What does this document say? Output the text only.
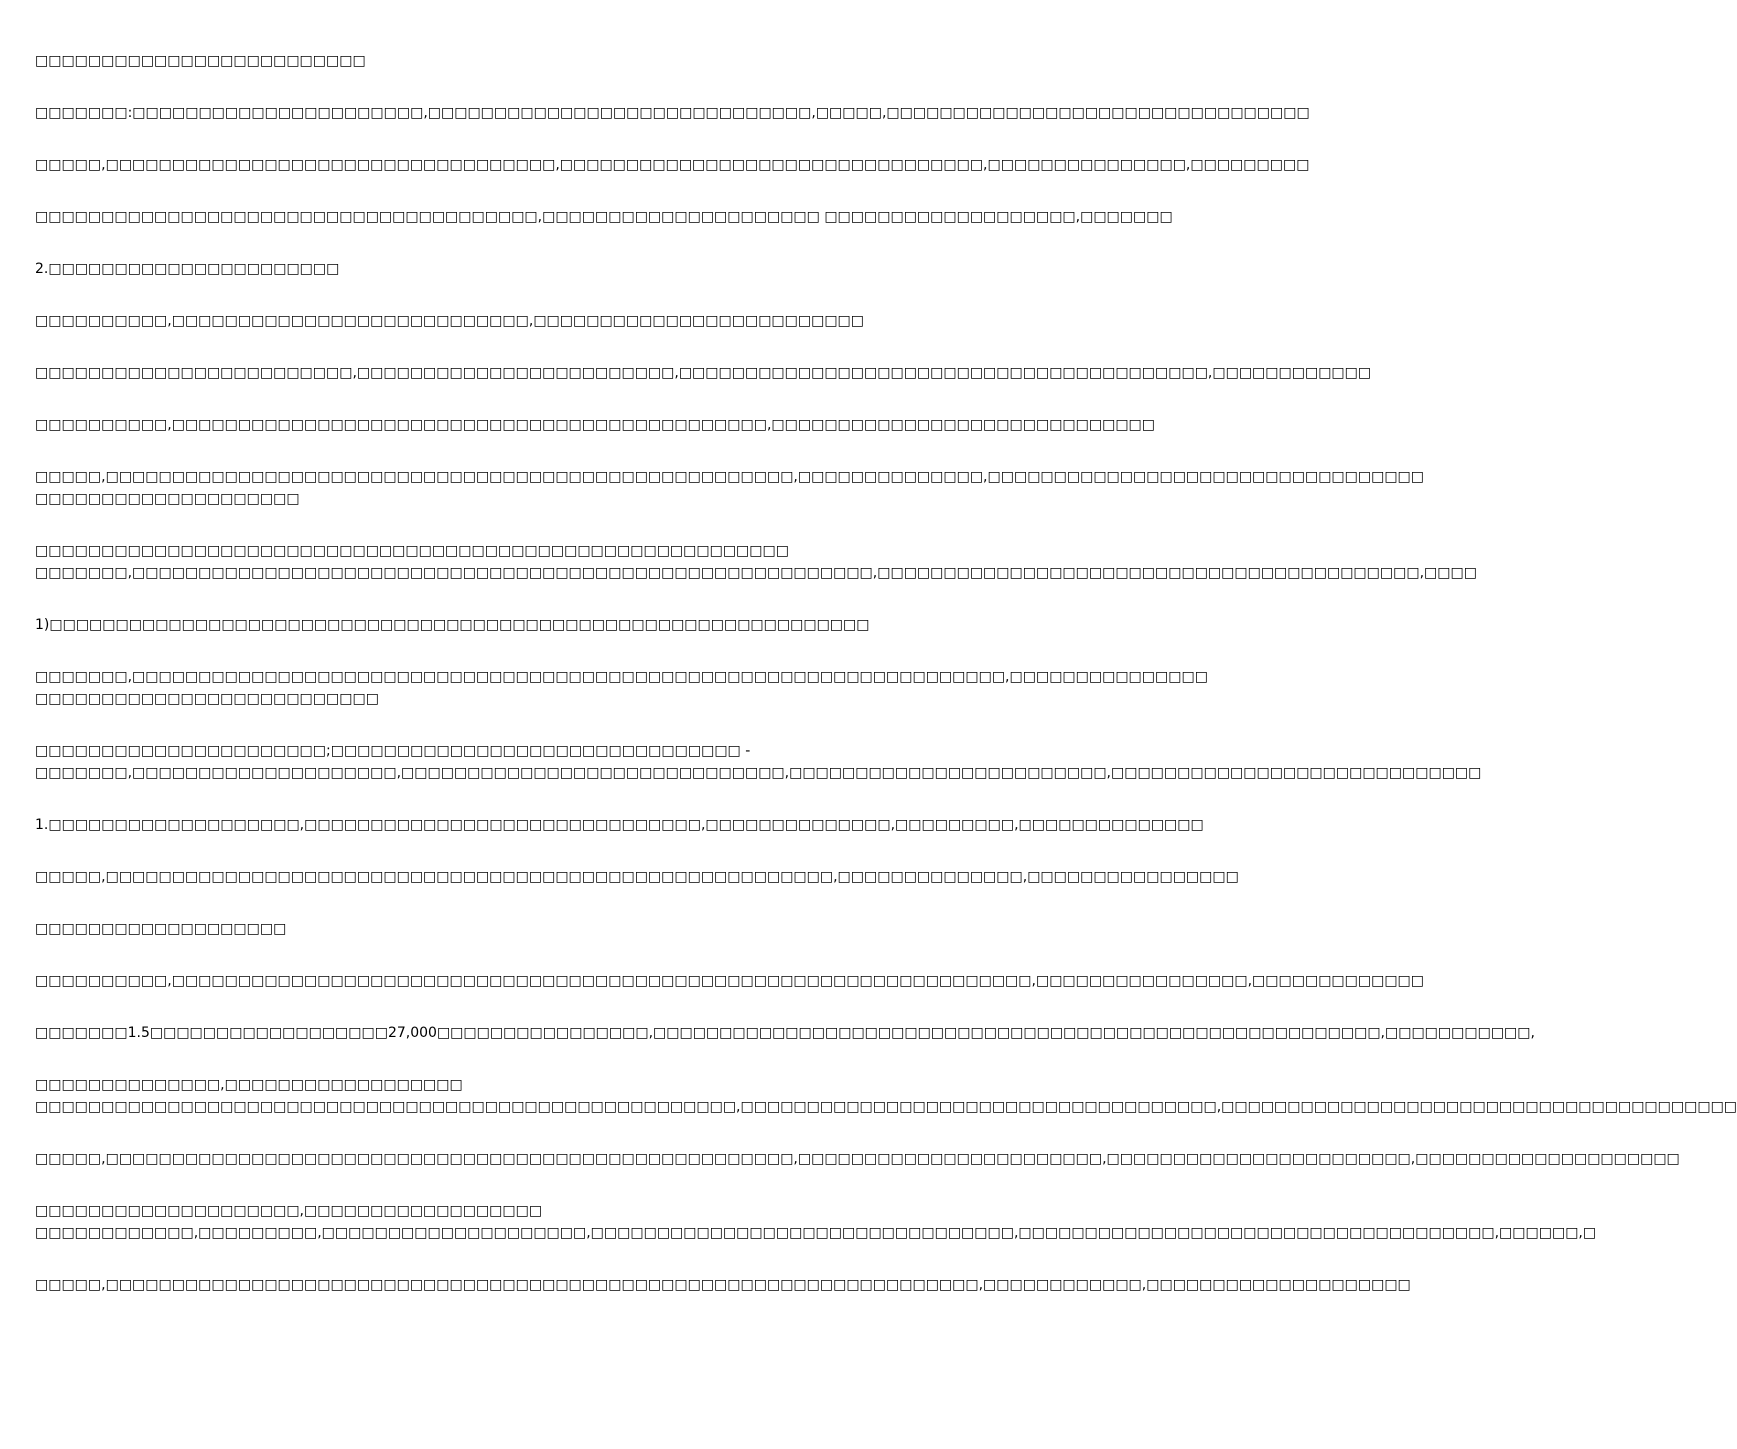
□□□□□□□□□□□□□□□□□□□□□□□□□

□□□□□□□:□□□□□□□□□□□□□□□□□□□□□□,□□□□□□□□□□□□□□□□□□□□□□□□□□□□□,□□□□□,□□□□□□□□□□□□□□□□□□□□□□□□□□□□□□□□

□□□□□,□□□□□□□□□□□□□□□□□□□□□□□□□□□□□□□□□□,□□□□□□□□□□□□□□□□□□□□□□□□□□□□□□□□,□□□□□□□□□□□□□□□,□□□□□□□□□

□□□□□□□□□□□□□□□□□□□□□□□□□□□□□□□□□□□□□□,□□□□□□□□□□□□□□□□□□□□□ □□□□□□□□□□□□□□□□□□□,□□□□□□□

2.□□□□□□□□□□□□□□□□□□□□□□

□□□□□□□□□□,□□□□□□□□□□□□□□□□□□□□□□□□□□□,□□□□□□□□□□□□□□□□□□□□□□□□□

□□□□□□□□□□□□□□□□□□□□□□□□,□□□□□□□□□□□□□□□□□□□□□□□□,□□□□□□□□□□□□□□□□□□□□□□□□□□□□□□□□□□□□□□□□,□□□□□□□□□□□□

□□□□□□□□□□,□□□□□□□□□□□□□□□□□□□□□□□□□□□□□□□□□□□□□□□□□□□□□,□□□□□□□□□□□□□□□□□□□□□□□□□□□□□

□□□□□,□□□□□□□□□□□□□□□□□□□□□□□□□□□□□□□□□□□□□□□□□□□□□□□□□□□□,□□□□□□□□□□□□□□,□□□□□□□□□□□□□□□□□□□□□□□□□□□□□□□□□
□□□□□□□□□□□□□□□□□□□□

□□□□□□□□□□□□□□□□□□□□□□□□□□□□□□□□□□□□□□□□□□□□□□□□□□□□□□□□□
□□□□□□□,□□□□□□□□□□□□□□□□□□□□□□□□□□□□□□□□□□□□□□□□□□□□□□□□□□□□□□□□,□□□□□□□□□□□□□□□□□□□□□□□□□□□□□□□□□□□□□□□□□,□□□□

1)□□□□□□□□□□□□□□□□□□□□□□□□□□□□□□□□□□□□□□□□□□□□□□□□□□□□□□□□□□□□□□

□□□□□□□,□□□□□□□□□□□□□□□□□□□□□□□□□□□□□□□□□□□□□□□□□□□□□□□□□□□□□□□□□□□□□□□□□□,□□□□□□□□□□□□□□□
□□□□□□□□□□□□□□□□□□□□□□□□□□

□□□□□□□□□□□□□□□□□□□□□□;□□□□□□□□□□□□□□□□□□□□□□□□□□□□□□□ -
□□□□□□□,□□□□□□□□□□□□□□□□□□□□,□□□□□□□□□□□□□□□□□□□□□□□□□□□□□,□□□□□□□□□□□□□□□□□□□□□□□□,□□□□□□□□□□□□□□□□□□□□□□□□□□□□

1.□□□□□□□□□□□□□□□□□□□,□□□□□□□□□□□□□□□□□□□□□□□□□□□□□□,□□□□□□□□□□□□□□,□□□□□□□□□,□□□□□□□□□□□□□□

□□□□□,□□□□□□□□□□□□□□□□□□□□□□□□□□□□□□□□□□□□□□□□□□□□□□□□□□□□□□□,□□□□□□□□□□□□□□,□□□□□□□□□□□□□□□□

□□□□□□□□□□□□□□□□□□□

□□□□□□□□□□,□□□□□□□□□□□□□□□□□□□□□□□□□□□□□□□□□□□□□□□□□□□□□□□□□□□□□□□□□□□□□□□□□,□□□□□□□□□□□□□□□□,□□□□□□□□□□□□□

□□□□□□□1.5□□□□□□□□□□□□□□□□□□27,000□□□□□□□□□□□□□□□□,□□□□□□□□□□□□□□□□□□□□□□□□□□□□□□□□□□□□□□□□□□□□□□□□□□□□□□□,□□□□□□□□□□□,

□□□□□□□□□□□□□□,□□□□□□□□□□□□□□□□□□
□□□□□□□□□□□□□□□□□□□□□□□□□□□□□□□□□□□□□□□□□□□□□□□□□□□□□,□□□□□□□□□□□□□□□□□□□□□□□□□□□□□□□□□□□□,□□□□□□□□□□□□□□□□□□□□□□□□□□□□□□□□□□□□□□□

□□□□□,□□□□□□□□□□□□□□□□□□□□□□□□□□□□□□□□□□□□□□□□□□□□□□□□□□□□,□□□□□□□□□□□□□□□□□□□□□□□,□□□□□□□□□□□□□□□□□□□□□□□,□□□□□□□□□□□□□□□□□□□□

□□□□□□□□□□□□□□□□□□□□,□□□□□□□□□□□□□□□□□□
□□□□□□□□□□□□,□□□□□□□□□,□□□□□□□□□□□□□□□□□□□□,□□□□□□□□□□□□□□□□□□□□□□□□□□□□□□□□,□□□□□□□□□□□□□□□□□□□□□□□□□□□□□□□□□□□□,□□□□□□,□

□□□□□,□□□□□□□□□□□□□□□□□□□□□□□□□□□□□□□□□□□□□□□□□□□□□□□□□□□□□□□□□□□□□□□□□□,□□□□□□□□□□□□,□□□□□□□□□□□□□□□□□□□□
